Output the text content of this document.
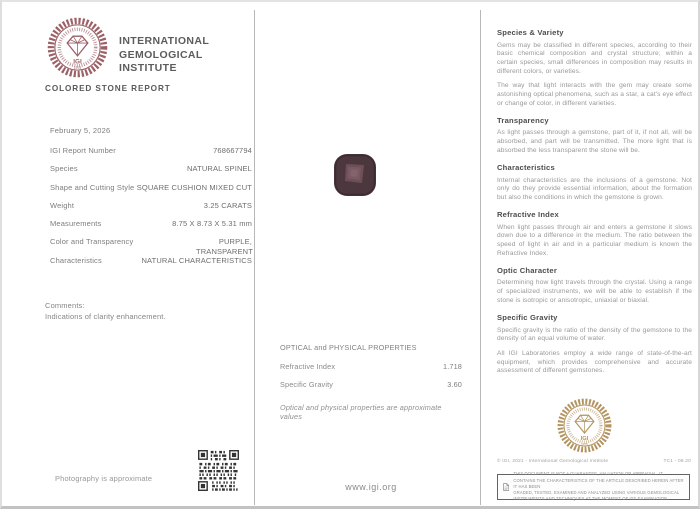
IGI
1975
INTERNATIONAL GEMOLOGICAL INSTITUTE
COLORED STONE REPORT
February 5, 2026
IGI Report Number	768667794
Species	NATURAL SPINEL
Shape and Cutting Style SQUARE CUSHION MIXED CUT
Weight	3.25 CARATS
Measurements	8.75 X 8.73 X 5.31 mm
Color and Transparency	PURPLE, TRANSPARENT
Characteristics	NATURAL CHARACTERISTICS
Comments:
Indications of clarity enhancement.
Photography is approximate
OPTICAL and PHYSICAL PROPERTIES
Refractive Index	1.718
Specific Gravity	3.60
Optical and physical properties are approximate values
www.igi.org
Species & Variety

Gems may be classified in different species, according to their basic chemical composition and crystal structure; within a certain species, small differences in composition may results in different colors, or varieties.

The way that light interacts with the gem may create some astonishing optical phenomena, such as a star, a cat's eye effect or change of color, in different varieties.

Transparency

As light passes through a gemstone, part of it, if not all, will be absorbed, and part will be transmitted. The more light that is absorbed the less transparent the stone will be.

Characteristics

Internal characteristics are the inclusions of a gemstone. Not only do they provide essential information, about the formation but also the conditions in which the gemstone is grown.

Refractive Index

When light passes through air and enters a gemstone it slows down due to a difference in the medium. The ratio between the speed of light in air and in a particular medium is known the Refractive Index.

Optic Character

Determining how light travels through the crystal. Using a range of specialized instruments, we will be able to establish if the stone is isotropic or anisotropic, uniaxial or biaxial.

Specific Gravity

Specific gravity is the ratio of the density of the gemstone to the density of an equal volume of water.

All IGI Laboratories employ a wide range of state-of-the-art equipment, which provides comprehensive and accurate assessment of different gemstones.

IGI
1975
© IGI, 2021 - International Gemological Institute	TC1 - 08.20
THIS DOCUMENT IS NOT A GUARANTEE, VALUATION OR APPRAISAL. IT CONTAINS THE CHARACTERISTICS OF THE ARTICLE DESCRIBED HEREIN AFTER IT HAS BEEN
GRADED, TESTED, EXAMINED AND ANALYZED USING VARIOUS GEMOLOGICAL INSTRUMENTS AND TECHNIQUES AT THE MOMENT OF ITS EXAMINATION.
